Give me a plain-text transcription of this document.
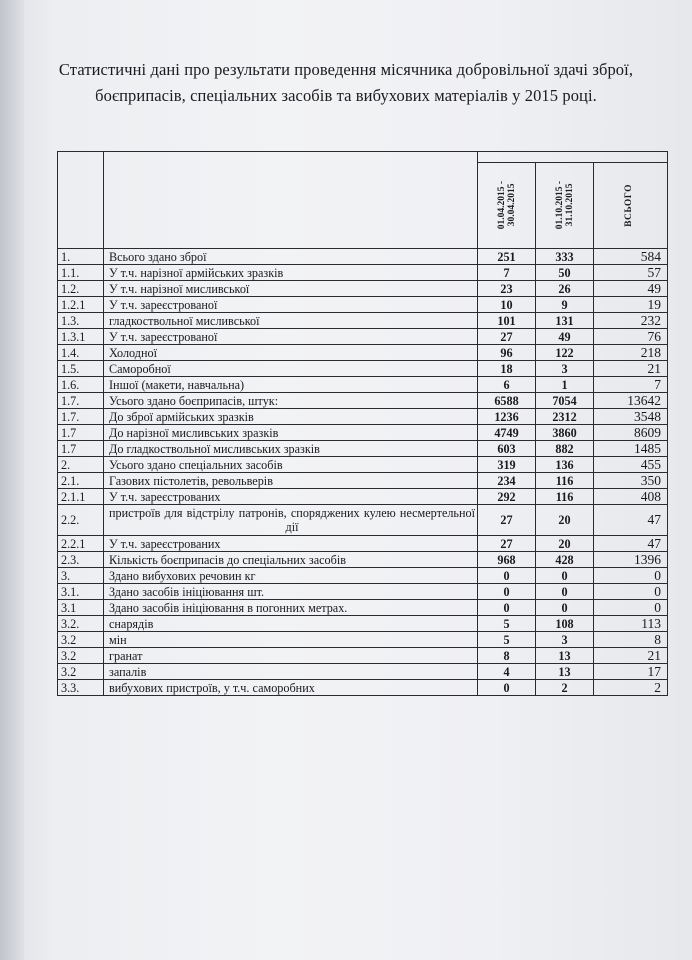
Статистичні дані про результати проведення місячника добровільної здачі зброї,
боєприпасів, спеціальних засобів та вибухових матеріалів у 2015 році.

		01.04.2015 -
30.04.2015	01.10.2015 -
31.10.2015	ВСЬОГО

1.	Всього здано зброї	251	333	584
1.1.	У т.ч. нарізної армійських зразків	7	50	57
1.2.	У т.ч. нарізної мисливської	23	26	49
1.2.1	У т.ч. зареєстрованої	10	9	19
1.3.	гладкоствольної мисливської	101	131	232
1.3.1	У т.ч. зареєстрованої	27	49	76
1.4.	Холодної	96	122	218
1.5.	Саморобної	18	3	21
1.6.	Іншої (макети, навчальна)	6	1	7
1.7.	Усього здано боєприпасів, штук:	6588	7054	13642
1.7.	До зброї армійських зразків	1236	2312	3548
1.7	До нарізної мисливських зразків	4749	3860	8609
1.7	До гладкоствольної мисливських зразків	603	882	1485
2.	Усього здано спеціальних засобів	319	136	455
2.1.	Газових пістолетів, револьверів	234	116	350
2.1.1	У т.ч. зареєстрованих	292	116	408
2.2.	пристроїв для відстрілу патронів, споряджених кулею несмертельної дії	27	20	47
2.2.1	У т.ч. зареєстрованих	27	20	47
2.3.	Кількість боєприпасів до спеціальних засобів	968	428	1396
3.	Здано вибухових речовин кг	0	0	0
3.1.	Здано засобів ініціювання шт.	0	0	0
3.1	Здано засобів ініціювання в погонних метрах.	0	0	0
3.2.	снарядів	5	108	113
3.2	мін	5	3	8
3.2	гранат	8	13	21
3.2	запалів	4	13	17
3.3.	вибухових пристроїв, у т.ч. саморобних	0	2	2
